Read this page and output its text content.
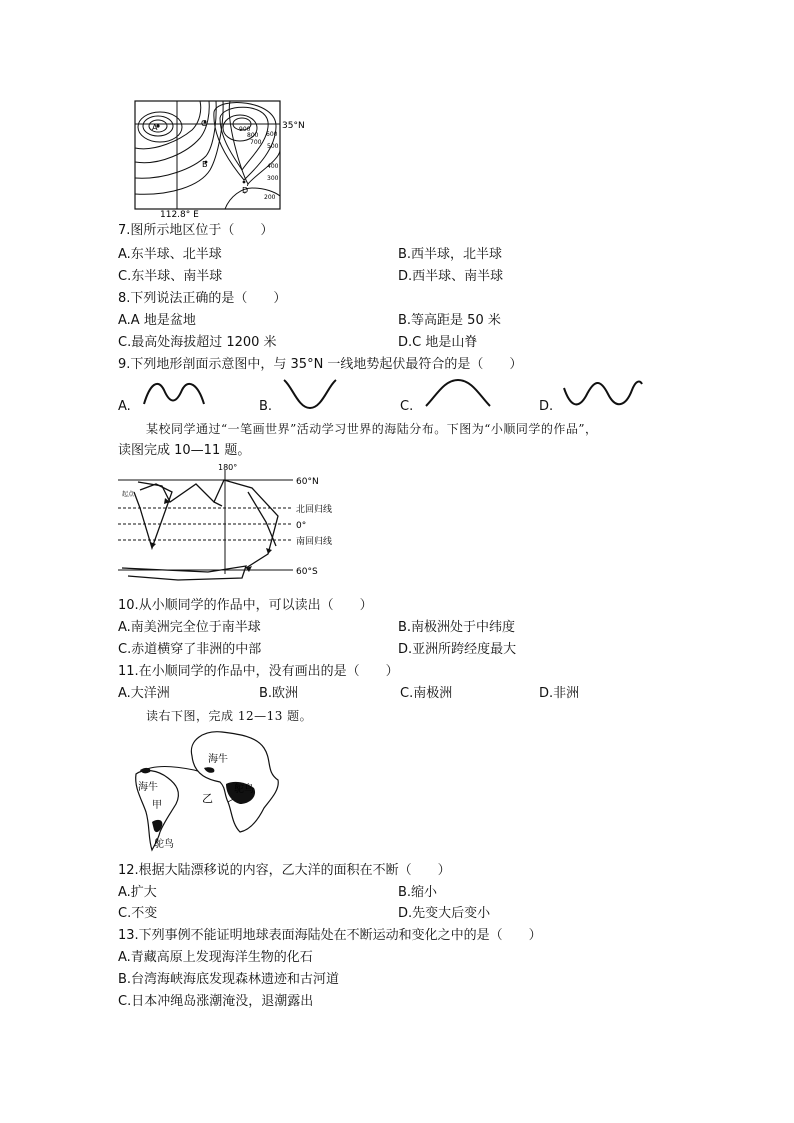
A	C
B
D
35°N
900
800
700
600
500
400
300
200
112.8° E
7.图所示地区位于（　　）
A.东半球、北半球	B.西半球，北半球
C.东半球、南半球	D.西半球、南半球
8.下列说法正确的是（　　）
A.A 地是盆地	B.等高距是 50 米
C.最高处海拔超过 1200 米	D.C 地是山脊
9.下列地形剖面示意图中，与 35°N 一线地势起伏最符合的是（　　）
A.	B.	C.	D.
某校同学通过“一笔画世界”活动学习世界的海陆分布。下图为“小顺同学的作品”，
读图完成 10—11 题。
起点
180°
60°N
北回归线
0°
南回归线
60°S
10.从小顺同学的作品中，可以读出（　　）
A.南美洲完全位于南半球	B.南极洲处于中纬度
C.赤道横穿了非洲的中部	D.亚洲所跨经度最大
11.在小顺同学的作品中，没有画出的是（　　）
A.大洋洲	B.欧洲	C.南极洲	D.非洲
读右下图，完成 12—13 题。
海牛
海牛
甲
乙
鸵鸟
鸵鸟
12.根据大陆漂移说的内容，乙大洋的面积在不断（　　）
A.扩大	B.缩小
C.不变	D.先变大后变小
13.下列事例不能证明地球表面海陆处在不断运动和变化之中的是（　　）
A.青藏高原上发现海洋生物的化石
B.台湾海峡海底发现森林遗迹和古河道
C.日本冲绳岛涨潮淹没，退潮露出
